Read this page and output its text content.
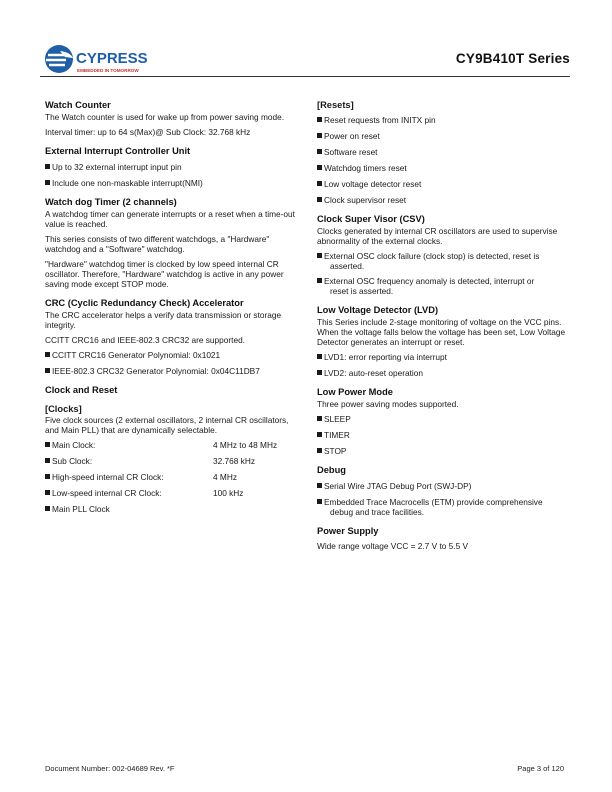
CYPRESS
EMBEDDED IN TOMORROW
CY9B410T Series
Watch Counter
The Watch counter is used for wake up from power saving mode.
Interval timer: up to 64 s(Max)@ Sub Clock: 32.768 kHz
External Interrupt Controller Unit
Up to 32 external interrupt input pin
Include one non-maskable interrupt(NMI)
Watch dog Timer (2 channels)
A watchdog timer can generate interrupts or a reset when a time-out value is reached.
This series consists of two different watchdogs, a "Hardware" watchdog and a "Software" watchdog.
"Hardware" watchdog timer is clocked by low speed internal CR oscillator. Therefore, "Hardware" watchdog is active in any power saving mode except STOP mode.
CRC (Cyclic Redundancy Check) Accelerator
The CRC accelerator helps a verify data transmission or storage integrity.
CCITT CRC16 and IEEE-802.3 CRC32 are supported.
CCITT CRC16 Generator Polynomial: 0x1021
IEEE-802.3 CRC32 Generator Polynomial: 0x04C11DB7
Clock and Reset
[Clocks]
Five clock sources (2 external oscillators, 2 internal CR oscillators, and Main PLL) that are dynamically selectable.
Main Clock:	4 MHz to 48 MHz
Sub Clock:	32.768 kHz
High-speed internal CR Clock:	4 MHz
Low-speed internal CR Clock:	100 kHz
Main PLL Clock
[Resets]
Reset requests from INITX pin
Power on reset
Software reset
Watchdog timers reset
Low voltage detector reset
Clock supervisor reset
Clock Super Visor (CSV)
Clocks generated by internal CR oscillators are used to supervise abnormality of the external clocks.
External OSC clock failure (clock stop) is detected, reset is
asserted.
External OSC frequency anomaly is detected, interrupt or
reset is asserted.
Low Voltage Detector (LVD)
This Series include 2-stage monitoring of voltage on the VCC pins. When the voltage falls below the voltage has been set, Low Voltage Detector generates an interrupt or reset.
LVD1: error reporting via interrupt
LVD2: auto-reset operation
Low Power Mode
Three power saving modes supported.
SLEEP
TIMER
STOP
Debug
Serial Wire JTAG Debug Port (SWJ-DP)
Embedded Trace Macrocells (ETM) provide comprehensive
debug and trace facilities.
Power Supply
Wide range voltage VCC = 2.7 V to 5.5 V
Document Number: 002-04689 Rev. *F	Page 3 of 120
